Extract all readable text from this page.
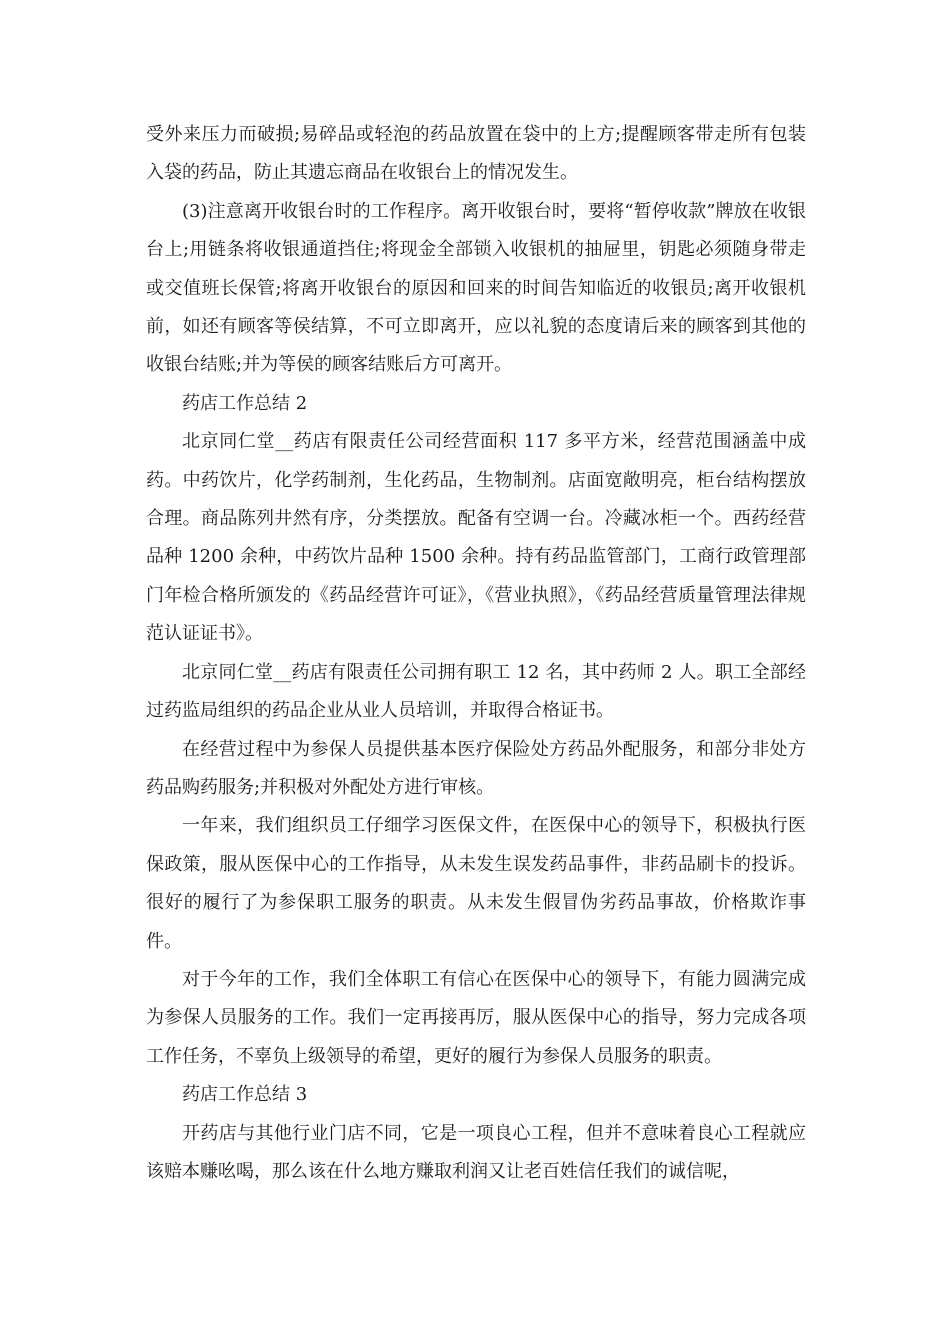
受外来压力而破损;易碎品或轻泡的药品放置在袋中的上方;提醒顾客带走所有包装入袋的药品，防止其遗忘商品在收银台上的情况发生。

(3)注意离开收银台时的工作程序。离开收银台时，要将“暂停收款”牌放在收银台上;用链条将收银通道挡住;将现金全部锁入收银机的抽屉里，钥匙必须随身带走或交值班长保管;将离开收银台的原因和回来的时间告知临近的收银员;离开收银机前，如还有顾客等侯结算，不可立即离开，应以礼貌的态度请后来的顾客到其他的收银台结账;并为等侯的顾客结账后方可离开。

药店工作总结 2

北京同仁堂__药店有限责任公司经营面积 117 多平方米，经营范围涵盖中成药。中药饮片，化学药制剂，生化药品，生物制剂。店面宽敞明亮，柜台结构摆放合理。商品陈列井然有序，分类摆放。配备有空调一台。冷藏冰柜一个。西药经营品种 1200 余种，中药饮片品种 1500 余种。持有药品监管部门，工商行政管理部门年检合格所颁发的《药品经营许可证》，《营业执照》，《药品经营质量管理法律规范认证证书》。

北京同仁堂__药店有限责任公司拥有职工 12 名，其中药师 2 人。职工全部经过药监局组织的药品企业从业人员培训，并取得合格证书。

在经营过程中为参保人员提供基本医疗保险处方药品外配服务，和部分非处方药品购药服务;并积极对外配处方进行审核。

一年来，我们组织员工仔细学习医保文件，在医保中心的领导下，积极执行医保政策，服从医保中心的工作指导，从未发生误发药品事件，非药品刷卡的投诉。很好的履行了为参保职工服务的职责。从未发生假冒伪劣药品事故，价格欺诈事件。

对于今年的工作，我们全体职工有信心在医保中心的领导下，有能力圆满完成为参保人员服务的工作。我们一定再接再厉，服从医保中心的指导，努力完成各项工作任务，不辜负上级领导的希望，更好的履行为参保人员服务的职责。

药店工作总结 3

开药店与其他行业门店不同，它是一项良心工程，但并不意味着良心工程就应该赔本赚吆喝，那么该在什么地方赚取利润又让老百姓信任我们的诚信呢，
